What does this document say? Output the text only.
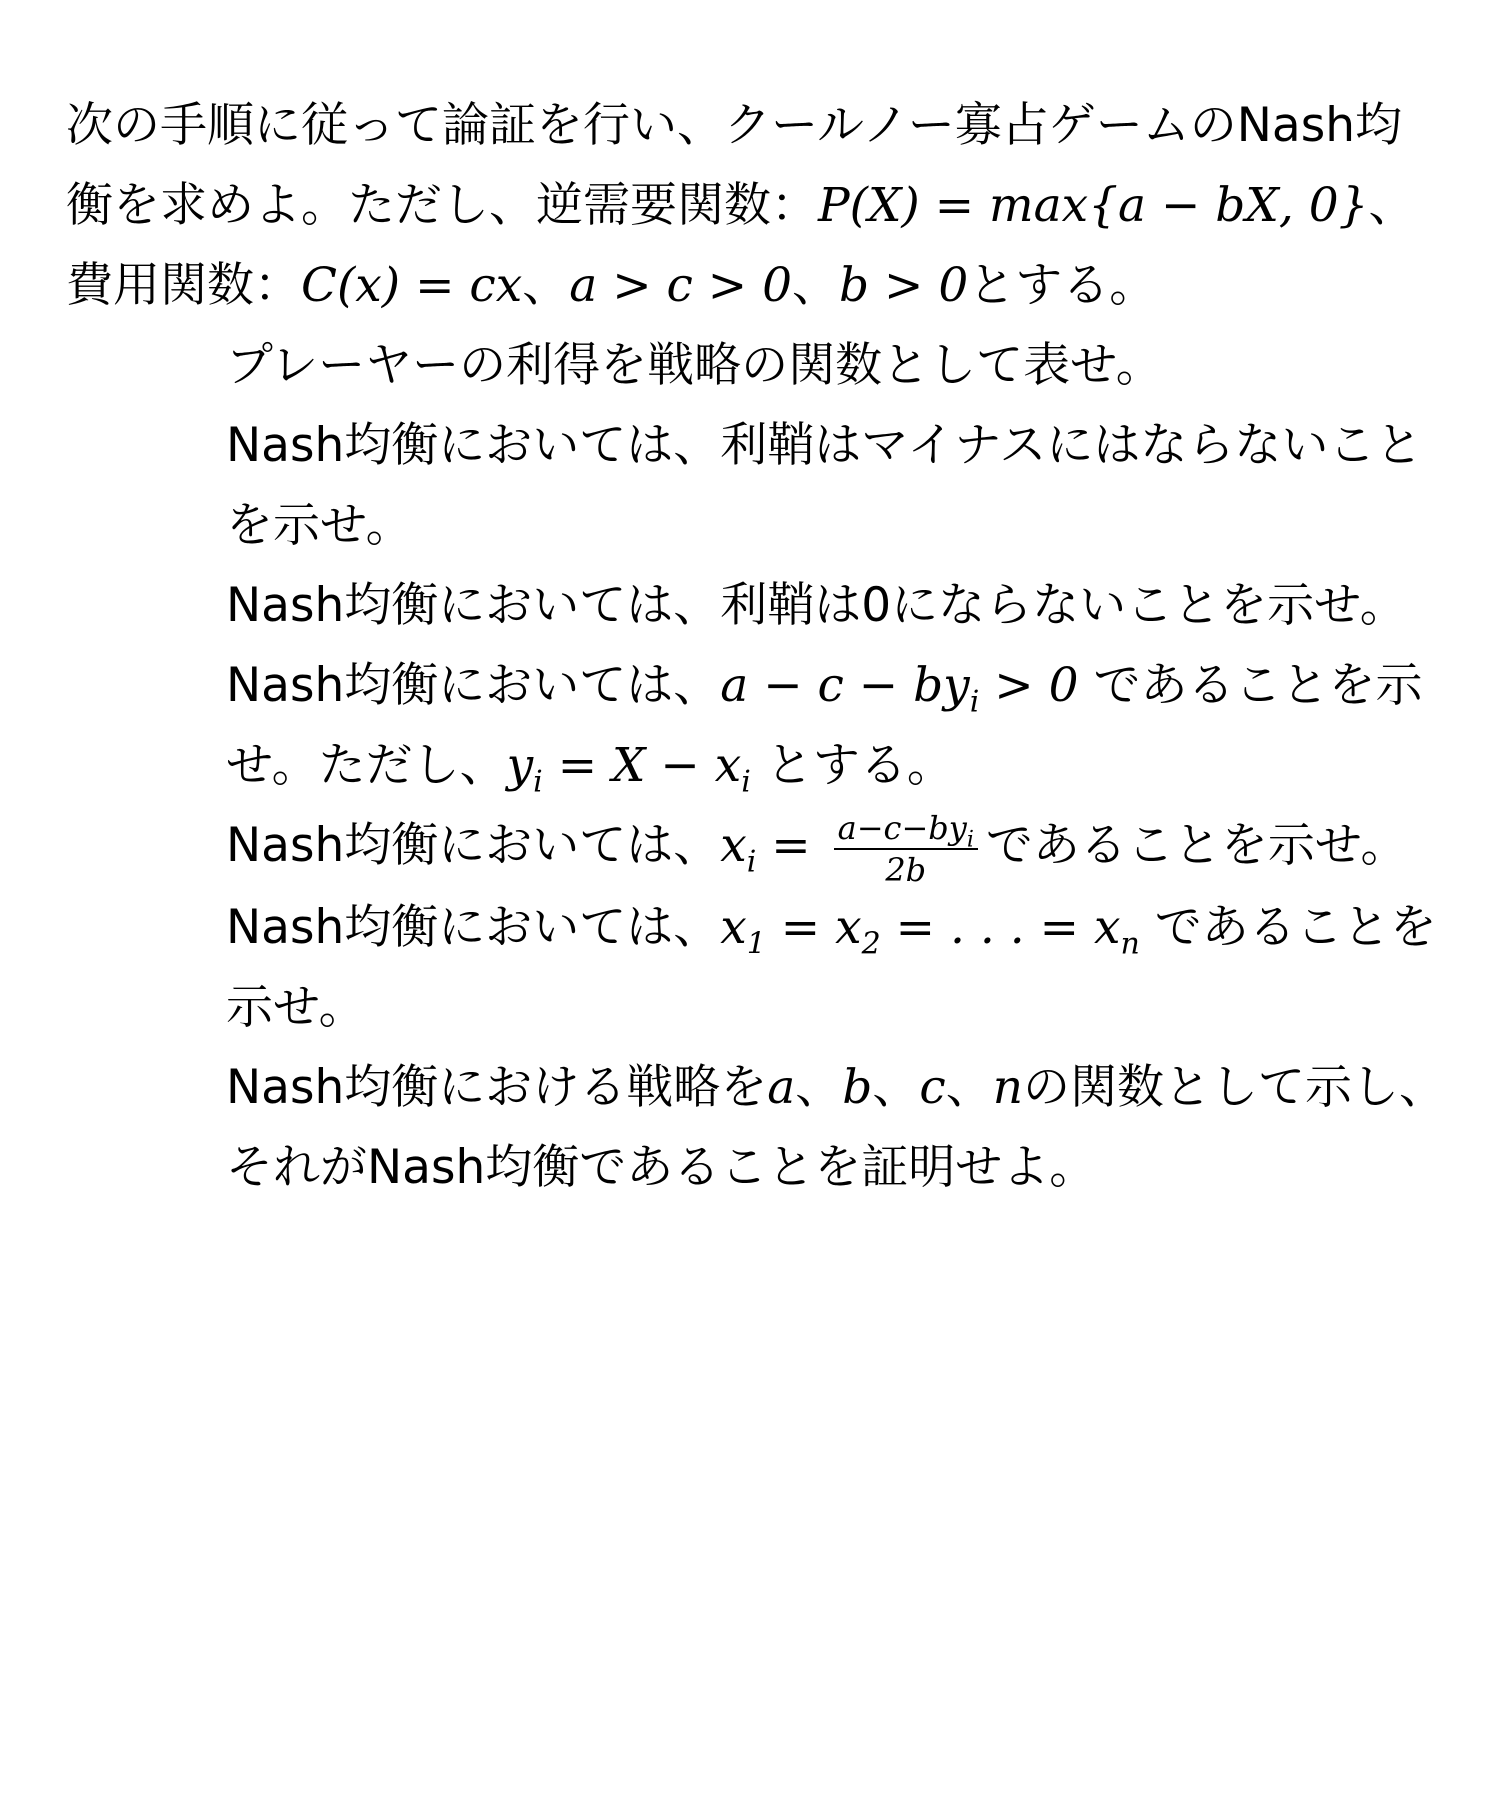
次の手順に従って論証を行い、クールノー寡占ゲームのNash均衡を求めよ。ただし、逆需要関数：P(X) = max{a − bX, 0}、費用関数：C(x) = cx、a > c > 0、b > 0とする。

プレーヤーの利得を戦略の関数として表せ。
Nash均衡においては、利鞘はマイナスにはならないことを示せ。
Nash均衡においては、利鞘は0にならないことを示せ。
Nash均衡においては、$a - c - by_i > 0$ であることを示せ。ただし、$y_i = X - x_i$ とする。
Nash均衡においては、$x_i = \frac{a-c-by_i}{2b}$ であることを示せ。
Nash均衡においては、$x_1 = x_2$ = . . . = $x_n$ であることを示せ。
Nash均衡における戦略をa、b、c、nの関数として示し、それがNash均衡であることを証明せよ。
